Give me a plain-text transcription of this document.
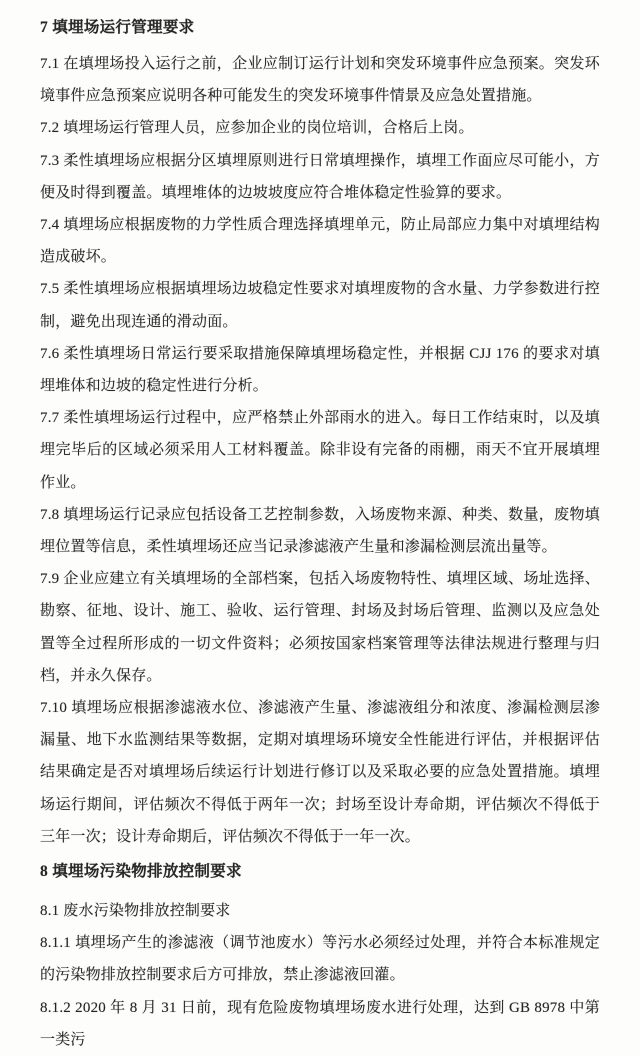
7 填埋场运行管理要求

7.1 在填埋场投入运行之前，企业应制订运行计划和突发环境事件应急预案。突发环境事件应急预案应说明各种可能发生的突发环境事件情景及应急处置措施。

7.2 填埋场运行管理人员，应参加企业的岗位培训，合格后上岗。

7.3 柔性填埋场应根据分区填埋原则进行日常填埋操作，填埋工作面应尽可能小，方便及时得到覆盖。填埋堆体的边坡坡度应符合堆体稳定性验算的要求。

7.4 填埋场应根据废物的力学性质合理选择填埋单元，防止局部应力集中对填埋结构造成破坏。

7.5 柔性填埋场应根据填埋场边坡稳定性要求对填埋废物的含水量、力学参数进行控制，避免出现连通的滑动面。

7.6 柔性填埋场日常运行要采取措施保障填埋场稳定性，并根据 CJJ 176 的要求对填埋堆体和边坡的稳定性进行分析。

7.7 柔性填埋场运行过程中，应严格禁止外部雨水的进入。每日工作结束时，以及填埋完毕后的区域必须采用人工材料覆盖。除非设有完备的雨棚，雨天不宜开展填埋作业。

7.8 填埋场运行记录应包括设备工艺控制参数，入场废物来源、种类、数量，废物填埋位置等信息，柔性填埋场还应当记录渗滤液产生量和渗漏检测层流出量等。

7.9 企业应建立有关填埋场的全部档案，包括入场废物特性、填埋区域、场址选择、勘察、征地、设计、施工、验收、运行管理、封场及封场后管理、监测以及应急处置等全过程所形成的一切文件资料；必须按国家档案管理等法律法规进行整理与归档，并永久保存。

7.10 填埋场应根据渗滤液水位、渗滤液产生量、渗滤液组分和浓度、渗漏检测层渗漏量、地下水监测结果等数据，定期对填埋场环境安全性能进行评估，并根据评估结果确定是否对填埋场后续运行计划进行修订以及采取必要的应急处置措施。填埋场运行期间，评估频次不得低于两年一次；封场至设计寿命期，评估频次不得低于三年一次；设计寿命期后，评估频次不得低于一年一次。

8 填埋场污染物排放控制要求

8.1 废水污染物排放控制要求

8.1.1 填埋场产生的渗滤液（调节池废水）等污水必须经过处理，并符合本标准规定的污染物排放控制要求后方可排放，禁止渗滤液回灌。

8.1.2 2020 年 8 月 31 日前，现有危险废物填埋场废水进行处理，达到 GB 8978 中第一类污
